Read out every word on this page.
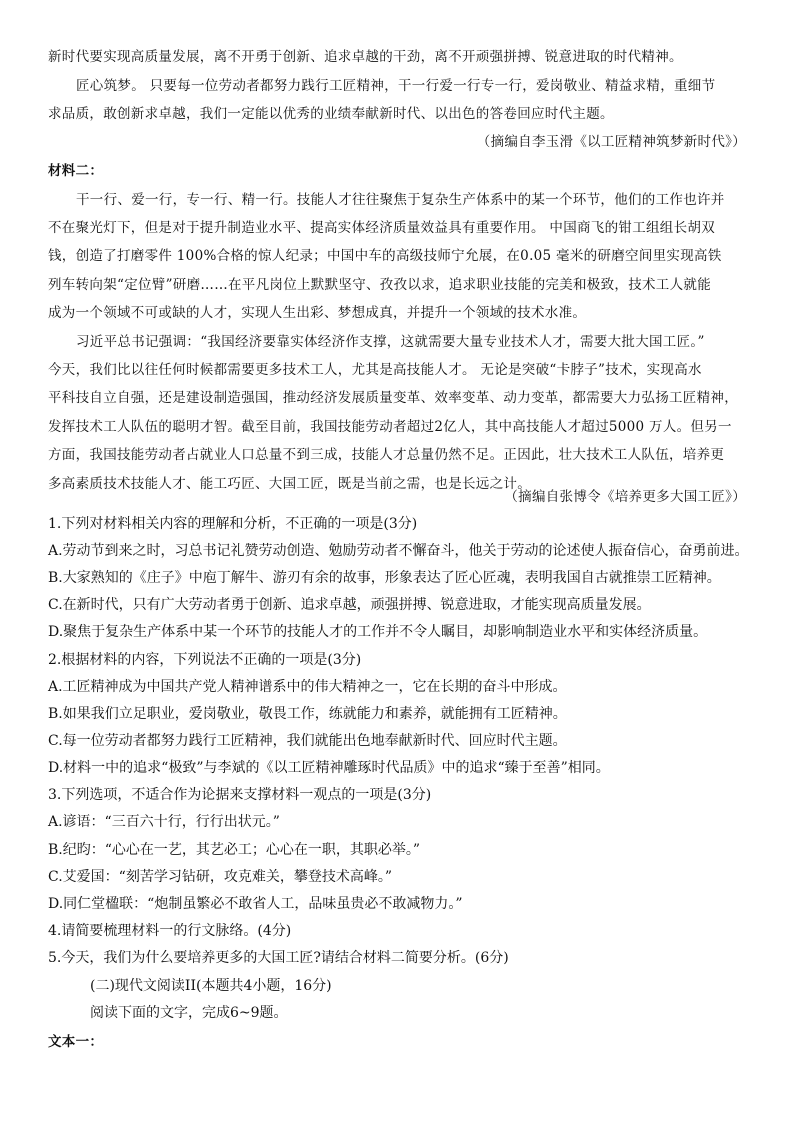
新时代要实现高质量发展，离不开勇于创新、追求卓越的干劲，离不开顽强拼搏、锐意进取的时代精神。
匠心筑梦。 只要每一位劳动者都努力践行工匠精神，干一行爱一行专一行，爱岗敬业、精益求精，重细节
求品质，敢创新求卓越，我们一定能以优秀的业绩奉献新时代、以出色的答卷回应时代主题。
（摘编自李玉滑《以工匠精神筑梦新时代》）
材料二：
干一行、爱一行，专一行、精一行。技能人才往往聚焦于复杂生产体系中的某一个环节，他们的工作也许并
不在聚光灯下，但是对于提升制造业水平、提高实体经济质量效益具有重要作用。 中国商飞的钳工组组长胡双
钱，创造了打磨零件 100%合格的惊人纪录；中国中车的高级技师宁允展，在0.05 毫米的研磨空间里实现高铁
列车转向架“定位臂”研磨……在平凡岗位上默默坚守、孜孜以求，追求职业技能的完美和极致，技术工人就能
成为一个领域不可或缺的人才，实现人生出彩、梦想成真，并提升一个领域的技术水准。
习近平总书记强调：“我国经济要靠实体经济作支撑，这就需要大量专业技术人才，需要大批大国工匠。”
今天，我们比以往任何时候都需要更多技术工人，尤其是高技能人才。 无论是突破“卡脖子”技术，实现高水
平科技自立自强，还是建设制造强国，推动经济发展质量变革、效率变革、动力变革，都需要大力弘扬工匠精神，
发挥技术工人队伍的聪明才智。截至目前，我国技能劳动者超过2亿人，其中高技能人才超过5000 万人。但另一
方面，我国技能劳动者占就业人口总量不到三成，技能人才总量仍然不足。正因此，壮大技术工人队伍，培养更
多高素质技术技能人才、能工巧匠、大国工匠，既是当前之需，也是长远之计。
（摘编自张博令《培养更多大国工匠》）
1.下列对材料相关内容的理解和分析，不正确的一项是(3分)
A.劳动节到来之时，习总书记礼赞劳动创造、勉励劳动者不懈奋斗，他关于劳动的论述使人振奋信心，奋勇前进。
B.大家熟知的《庄子》中庖丁解牛、游刃有余的故事，形象表达了匠心匠魂，表明我国自古就推崇工匠精神。
C.在新时代，只有广大劳动者勇于创新、追求卓越，顽强拼搏、锐意进取，才能实现高质量发展。
D.聚焦于复杂生产体系中某一个环节的技能人才的工作并不令人瞩目，却影响制造业水平和实体经济质量。
2.根据材料的内容，下列说法不正确的一项是(3分)
A.工匠精神成为中国共产党人精神谱系中的伟大精神之一，它在长期的奋斗中形成。
B.如果我们立足职业，爱岗敬业，敬畏工作，练就能力和素养，就能拥有工匠精神。
C.每一位劳动者都努力践行工匠精神，我们就能出色地奉献新时代、回应时代主题。
D.材料一中的追求“极致”与李斌的《以工匠精神雕琢时代品质》中的追求“臻于至善”相同。
3.下列选项，不适合作为论据来支撑材料一观点的一项是(3分)
A.谚语：“三百六十行，行行出状元。”
B.纪昀：“心心在一艺，其艺必工；心心在一职，其职必举。”
C.艾爱国：“刻苦学习钻研，攻克难关，攀登技术高峰。”
D.同仁堂楹联：“炮制虽繁必不敢省人工，品味虽贵必不敢减物力。”
4.请简要梳理材料一的行文脉络。(4分)
5.今天，我们为什么要培养更多的大国工匠?请结合材料二简要分析。(6分)
(二)现代文阅读II(本题共4小题，16分)
阅读下面的文字，完成6~9题。
文本一：
